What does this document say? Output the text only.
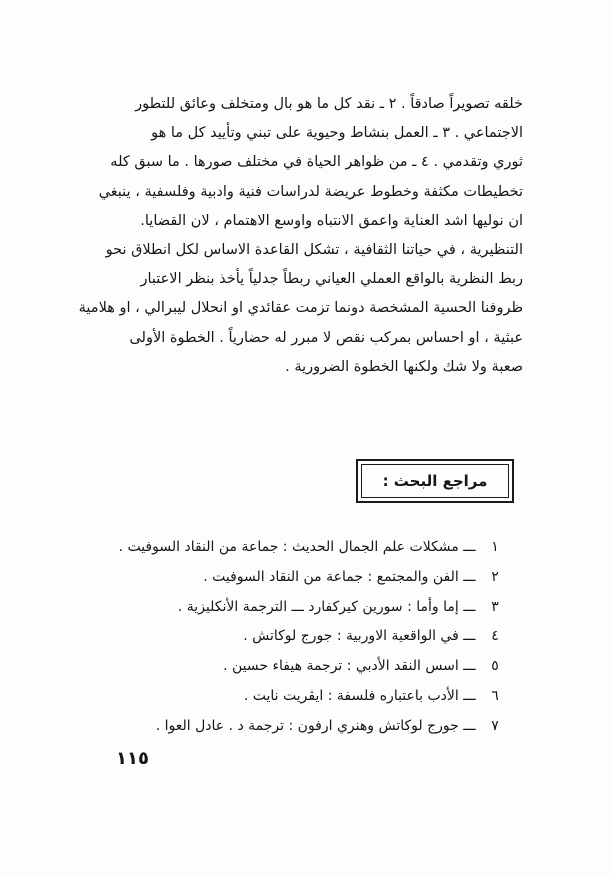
خلقه تصويراً صادقاً . ٢ ـ نقد كل ما هو بال ومتخلف وعائق للتطور
الاجتماعي . ٣ ـ العمل بنشاط وحيوية على تبني وتأييد كل ما هو
ثوري وتقدمي . ٤ ـ من ظواهر الحياة في مختلف صورها . ما سبق كله
تخطيطات مكثفة وخطوط عريضة لدراسات فنية وادبية وفلسفية ، ينبغي
ان نوليها اشد العناية واعمق الانتباه واوسع الاهتمام ، لان القضايا.
التنظيرية ، في حياتنا الثقافية ، تشكل القاعدة الاساس لكل انطلاق نحو
ربط النظرية بالواقع العملي العياني ربطاً جدلياً يأخذ بنظر الاعتبار
ظروفنا الحسية المشخصة دونما تزمت عقائدي او انحلال ليبرالي ، او هلامية
عبثية ، او احساس بمركب نقص لا مبرر له حضارياً . الخطوة الأولى
صعبة ولا شك ولكنها الخطوة الضرورية .
مراجع البحث :
١ ـــ مشكلات علم الجمال الحديث : جماعة من النقاد السوفيت .
٢ ـــ الفن والمجتمع : جماعة من النقاد السوفيت .
٣ ـــ إما وأما : سورين كيركفارد ـــ الترجمة الأنكليزية .
٤ ـــ في الواقعية الاوربية : جورج لوكاتش .
٥ ـــ اسس النقد الأدبي : ترجمة هيفاء حسين .
٦ ـــ الأدب باعتباره فلسفة : ايڤريت نايت .
٧ ـــ جورج لوكاتش وهنري ارفون : ترجمة د . عادل العوا .
١١٥
